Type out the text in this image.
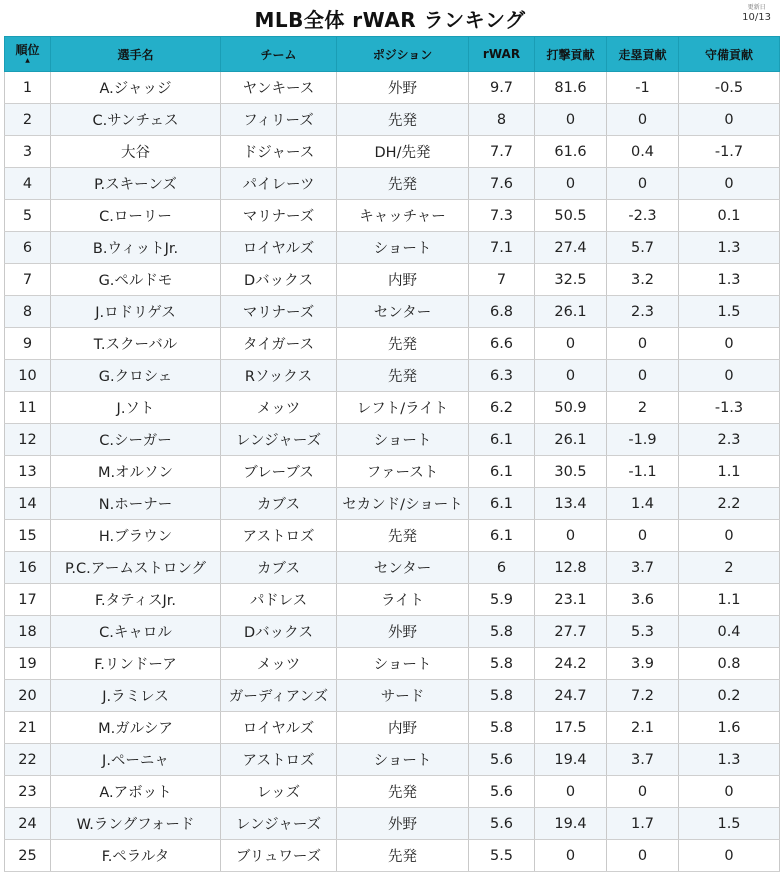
MLB全体 rWAR ランキング
更新日
10/13
順位
▲	選手名	チーム	ポジション	rWAR	打撃貢献	走塁貢献	守備貢献
1	A.ジャッジ	ヤンキース	外野	9.7	81.6	-1	-0.5
2	C.サンチェス	フィリーズ	先発	8	0	0	0
3	大谷	ドジャース	DH/先発	7.7	61.6	0.4	-1.7
4	P.スキーンズ	パイレーツ	先発	7.6	0	0	0
5	C.ローリー	マリナーズ	キャッチャー	7.3	50.5	-2.3	0.1
6	B.ウィットJr.	ロイヤルズ	ショート	7.1	27.4	5.7	1.3
7	G.ペルドモ	Dバックス	内野	7	32.5	3.2	1.3
8	J.ロドリゲス	マリナーズ	センター	6.8	26.1	2.3	1.5
9	T.スクーバル	タイガース	先発	6.6	0	0	0
10	G.クロシェ	Rソックス	先発	6.3	0	0	0
11	J.ソト	メッツ	レフト/ライト	6.2	50.9	2	-1.3
12	C.シーガー	レンジャーズ	ショート	6.1	26.1	-1.9	2.3
13	M.オルソン	ブレーブス	ファースト	6.1	30.5	-1.1	1.1
14	N.ホーナー	カブス	セカンド/ショート	6.1	13.4	1.4	2.2
15	H.ブラウン	アストロズ	先発	6.1	0	0	0
16	P.C.アームストロング	カブス	センター	6	12.8	3.7	2
17	F.タティスJr.	パドレス	ライト	5.9	23.1	3.6	1.1
18	C.キャロル	Dバックス	外野	5.8	27.7	5.3	0.4
19	F.リンドーア	メッツ	ショート	5.8	24.2	3.9	0.8
20	J.ラミレス	ガーディアンズ	サード	5.8	24.7	7.2	0.2
21	M.ガルシア	ロイヤルズ	内野	5.8	17.5	2.1	1.6
22	J.ペーニャ	アストロズ	ショート	5.6	19.4	3.7	1.3
23	A.アボット	レッズ	先発	5.6	0	0	0
24	W.ラングフォード	レンジャーズ	外野	5.6	19.4	1.7	1.5
25	F.ペラルタ	ブリュワーズ	先発	5.5	0	0	0
